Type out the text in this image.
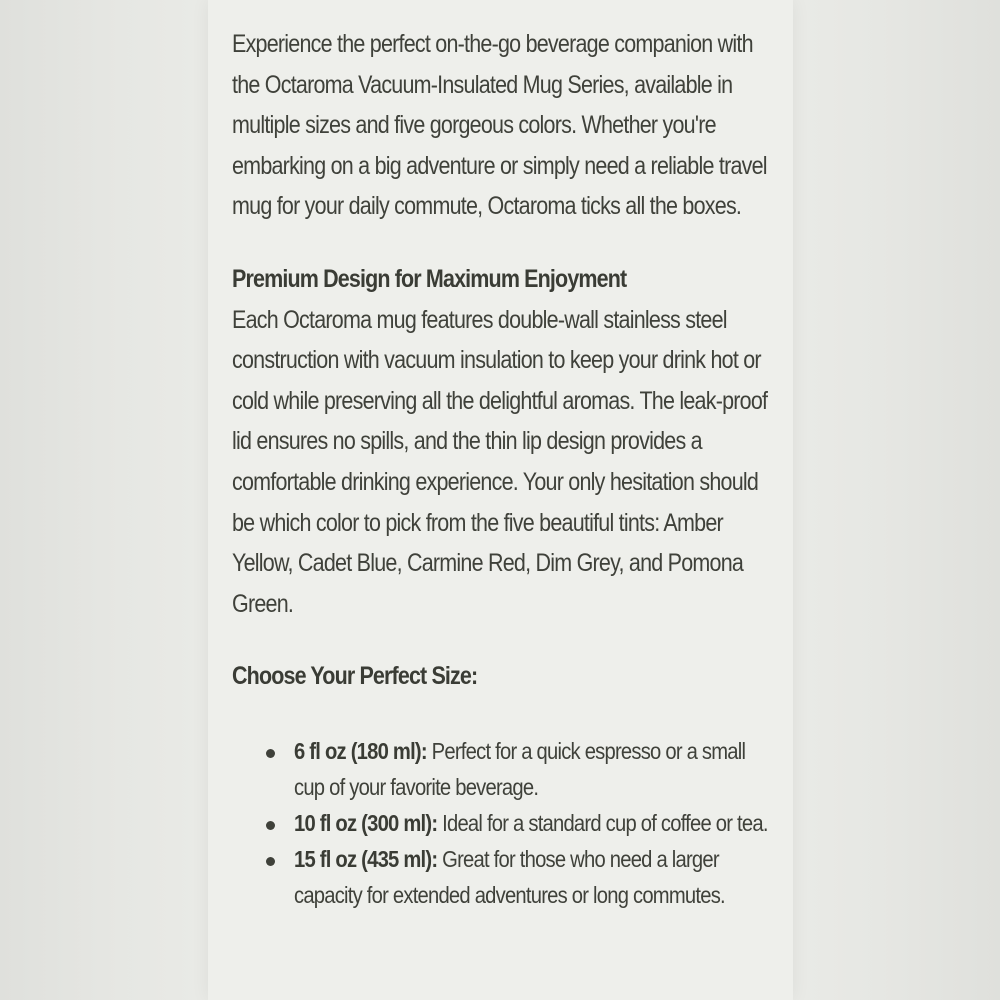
Experience the perfect on-the-go beverage companion with the Octaroma Vacuum-Insulated Mug Series, available in multiple sizes and five gorgeous colors. Whether you're embarking on a big adventure or simply need a reliable travel mug for your daily commute, Octaroma ticks all the boxes.

Premium Design for Maximum Enjoyment

Each Octaroma mug features double-wall stainless steel construction with vacuum insulation to keep your drink hot or cold while preserving all the delightful aromas. The leak-proof lid ensures no spills, and the thin lip design provides a comfortable drinking experience. Your only hesitation should be which color to pick from the five beautiful tints: Amber Yellow, Cadet Blue, Carmine Red, Dim Grey, and Pomona Green.

Choose Your Perfect Size:

6 fl oz (180 ml): Perfect for a quick espresso or a small cup of your favorite beverage.

10 fl oz (300 ml): Ideal for a standard cup of coffee or tea.

15 fl oz (435 ml): Great for those who need a larger capacity for extended adventures or long commutes.
